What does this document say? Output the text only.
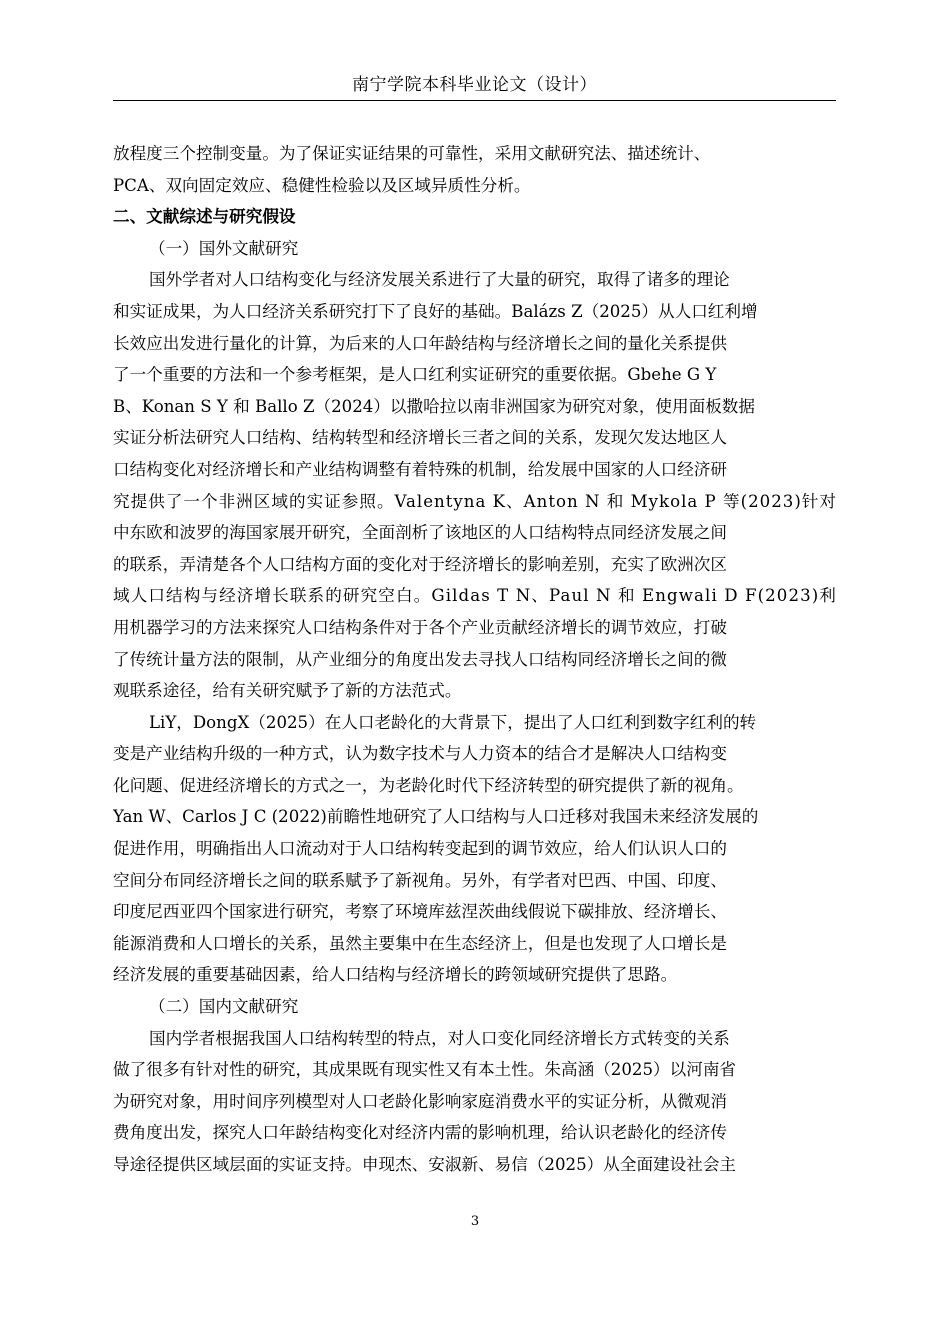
南宁学院本科毕业论文（设计）
放程度三个控制变量。为了保证实证结果的可靠性，采用文献研究法、描述统计、
PCA、双向固定效应、稳健性检验以及区域异质性分析。
二、文献综述与研究假设
（一）国外文献研究
国外学者对人口结构变化与经济发展关系进行了大量的研究，取得了诸多的理论
和实证成果，为人口经济关系研究打下了良好的基础。Balázs Z（2025）从人口红利增
长效应出发进行量化的计算，为后来的人口年龄结构与经济增长之间的量化关系提供
了一个重要的方法和一个参考框架，是人口红利实证研究的重要依据。Gbehe G Y
B、Konan S Y 和 Ballo Z（2024）以撒哈拉以南非洲国家为研究对象，使用面板数据
实证分析法研究人口结构、结构转型和经济增长三者之间的关系，发现欠发达地区人
口结构变化对经济增长和产业结构调整有着特殊的机制，给发展中国家的人口经济研
究提供了一个非洲区域的实证参照。Valentyna K、Anton N 和 Mykola P 等(2023)针对
中东欧和波罗的海国家展开研究，全面剖析了该地区的人口结构特点同经济发展之间
的联系，弄清楚各个人口结构方面的变化对于经济增长的影响差别，充实了欧洲次区
域人口结构与经济增长联系的研究空白。Gildas T N、Paul N 和 Engwali D F(2023)利
用机器学习的方法来探究人口结构条件对于各个产业贡献经济增长的调节效应，打破
了传统计量方法的限制，从产业细分的角度出发去寻找人口结构同经济增长之间的微
观联系途径，给有关研究赋予了新的方法范式。
LiY，DongX（2025）在人口老龄化的大背景下，提出了人口红利到数字红利的转
变是产业结构升级的一种方式，认为数字技术与人力资本的结合才是解决人口结构变
化问题、促进经济增长的方式之一，为老龄化时代下经济转型的研究提供了新的视角。
Yan W、Carlos J C (2022)前瞻性地研究了人口结构与人口迁移对我国未来经济发展的
促进作用，明确指出人口流动对于人口结构转变起到的调节效应，给人们认识人口的
空间分布同经济增长之间的联系赋予了新视角。另外，有学者对巴西、中国、印度、
印度尼西亚四个国家进行研究，考察了环境库兹涅茨曲线假说下碳排放、经济增长、
能源消费和人口增长的关系，虽然主要集中在生态经济上，但是也发现了人口增长是
经济发展的重要基础因素，给人口结构与经济增长的跨领域研究提供了思路。
（二）国内文献研究
国内学者根据我国人口结构转型的特点，对人口变化同经济增长方式转变的关系
做了很多有针对性的研究，其成果既有现实性又有本土性。朱高涵（2025）以河南省
为研究对象，用时间序列模型对人口老龄化影响家庭消费水平的实证分析，从微观消
费角度出发，探究人口年龄结构变化对经济内需的影响机理，给认识老龄化的经济传
导途径提供区域层面的实证支持。申现杰、安淑新、易信（2025）从全面建设社会主
3
